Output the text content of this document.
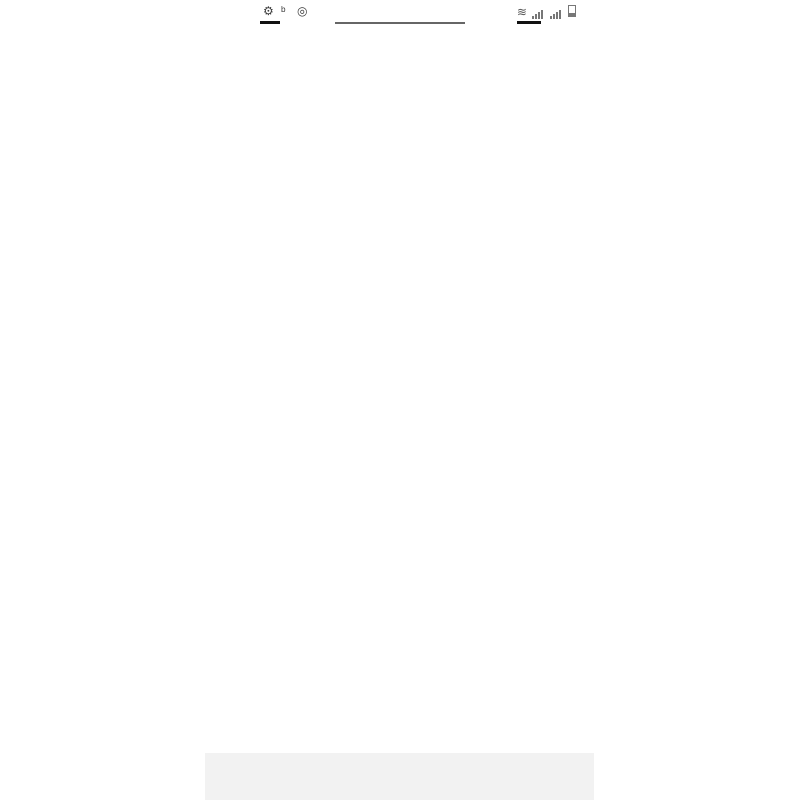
⚙ ᵇ ◎	≋
